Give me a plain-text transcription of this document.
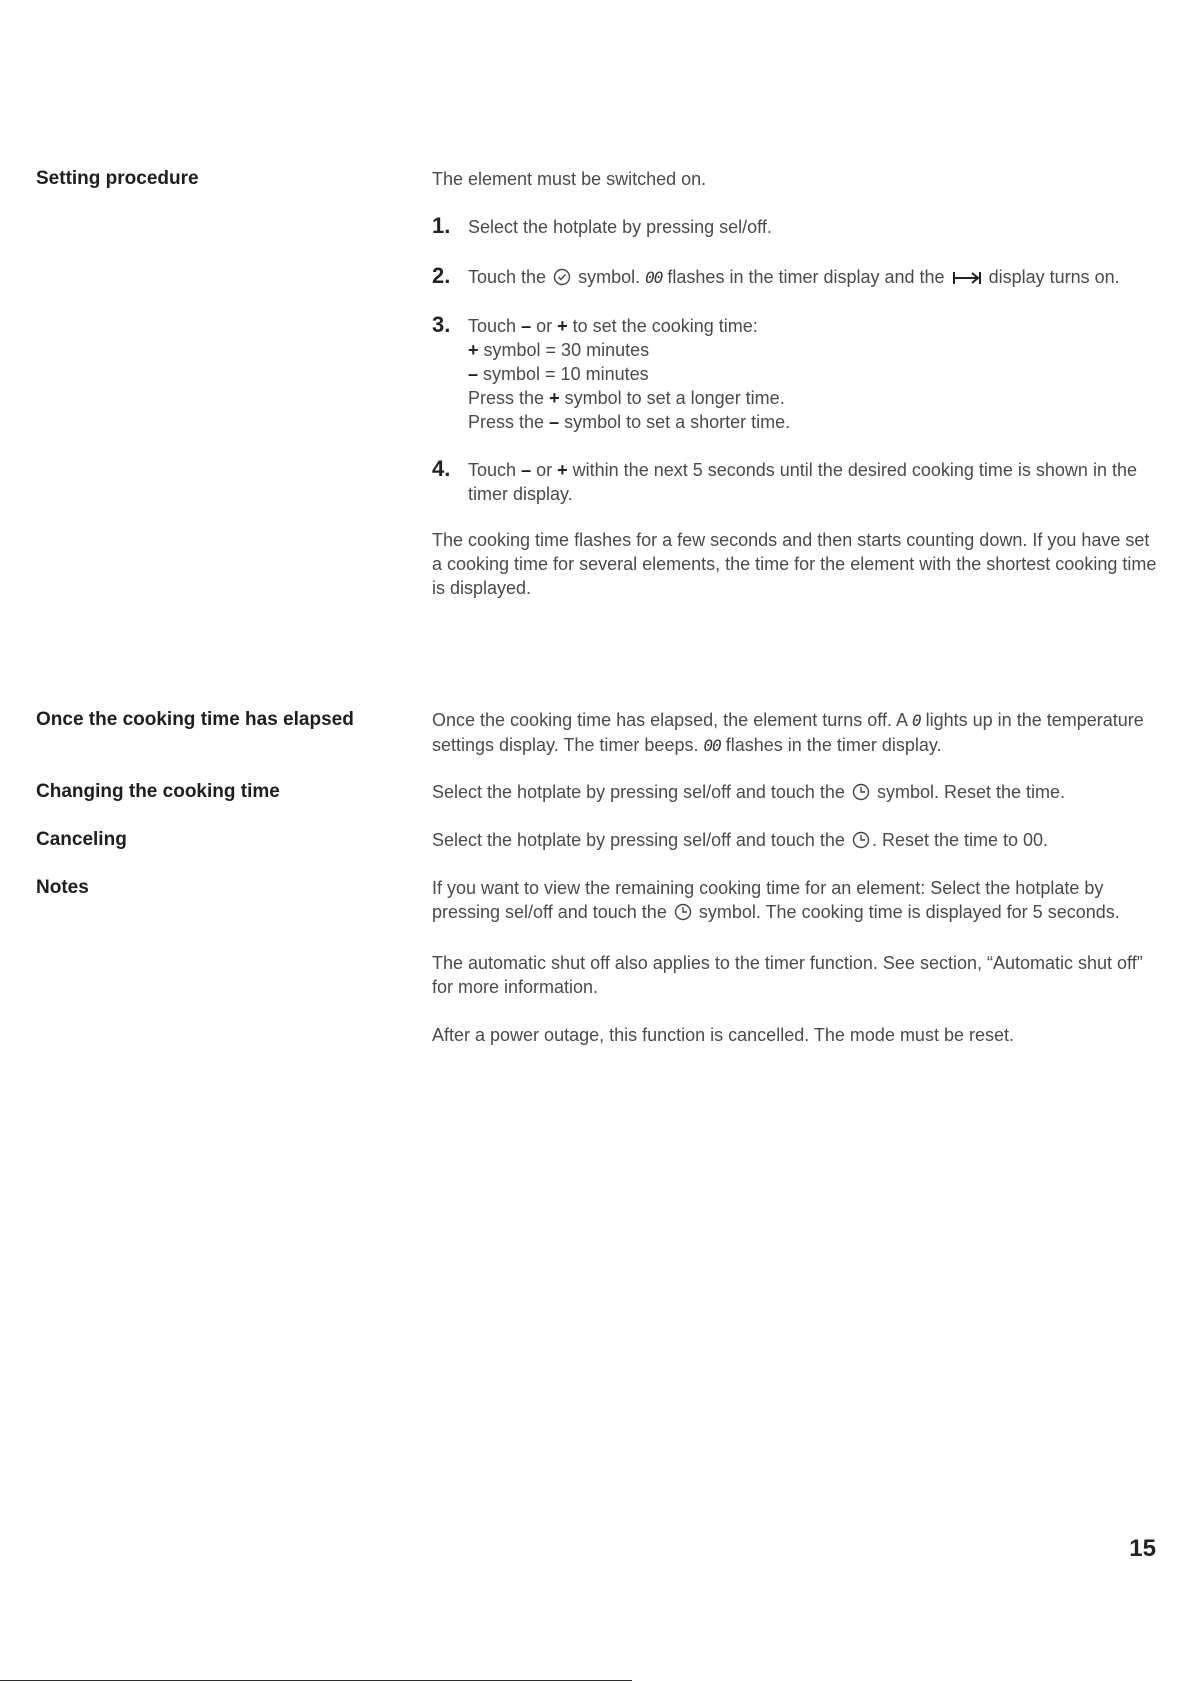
Setting procedure	The element must be switched on.

1. Select the hotplate by pressing sel/off.
2. Touch the symbol. 00 flashes in the timer display and the display turns on.
3. Touch – or + to set the cooking time:
+ symbol = 30 minutes
– symbol = 10 minutes
Press the + symbol to set a longer time.
Press the – symbol to set a shorter time.
4. Touch – or + within the next 5 seconds until the desired cooking time is shown in the timer display.

The cooking time flashes for a few seconds and then starts counting down. If you have set a cooking time for several elements, the time for the element with the shortest cooking time is displayed.

Once the cooking time has elapsed	Once the cooking time has elapsed, the element turns off. A 0 lights up in the temperature settings display. The timer beeps. 00 flashes in the timer display.

Changing the cooking time	Select the hotplate by pressing sel/off and touch the symbol. Reset the time.

Canceling	Select the hotplate by pressing sel/off and touch the . Reset the time to 00.

Notes	If you want to view the remaining cooking time for an element: Select the hotplate by pressing sel/off and touch the symbol. The cooking time is displayed for 5 seconds.

The automatic shut off also applies to the timer function. See section, “Automatic shut off” for more information.

After a power outage, this function is cancelled. The mode must be reset.

15
